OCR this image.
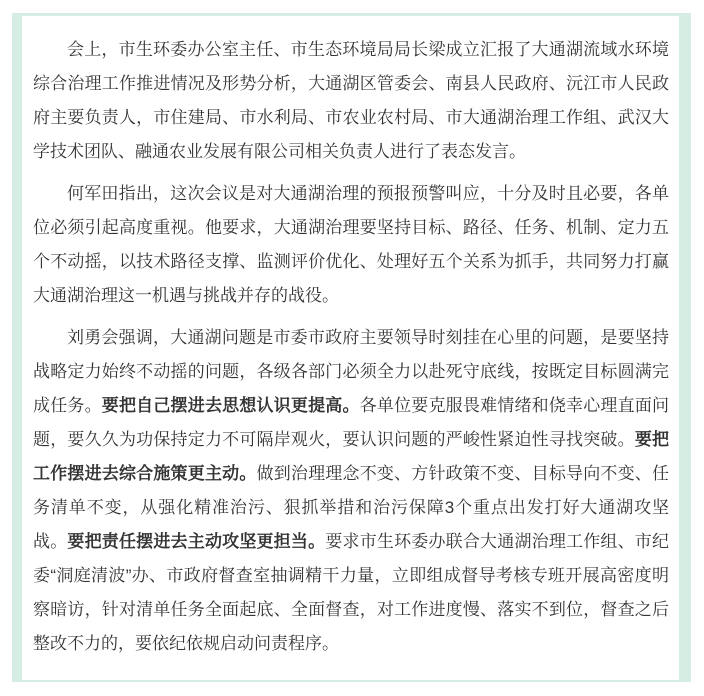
会上，市生环委办公室主任、市生态环境局局长梁成立汇报了大通湖流域水环境综合治理工作推进情况及形势分析，大通湖区管委会、南县人民政府、沅江市人民政府主要负责人，市住建局、市水利局、市农业农村局、市大通湖治理工作组、武汉大学技术团队、融通农业发展有限公司相关负责人进行了表态发言。

何军田指出，这次会议是对大通湖治理的预报预警叫应，十分及时且必要，各单位必须引起高度重视。他要求，大通湖治理要坚持目标、路径、任务、机制、定力五个不动摇，以技术路径支撑、监测评价优化、处理好五个关系为抓手，共同努力打赢大通湖治理这一机遇与挑战并存的战役。

刘勇会强调，大通湖问题是市委市政府主要领导时刻挂在心里的问题，是要坚持战略定力始终不动摇的问题，各级各部门必须全力以赴死守底线，按既定目标圆满完成任务。要把自己摆进去思想认识更提高。各单位要克服畏难情绪和侥幸心理直面问题，要久久为功保持定力不可隔岸观火，要认识问题的严峻性紧迫性寻找突破。要把工作摆进去综合施策更主动。做到治理理念不变、方针政策不变、目标导向不变、任务清单不变，从强化精准治污、狠抓举措和治污保障3个重点出发打好大通湖攻坚战。要把责任摆进去主动攻坚更担当。要求市生环委办联合大通湖治理工作组、市纪委“洞庭清波”办、市政府督查室抽调精干力量，立即组成督导考核专班开展高密度明察暗访，针对清单任务全面起底、全面督查，对工作进度慢、落实不到位，督查之后整改不力的，要依纪依规启动问责程序。
